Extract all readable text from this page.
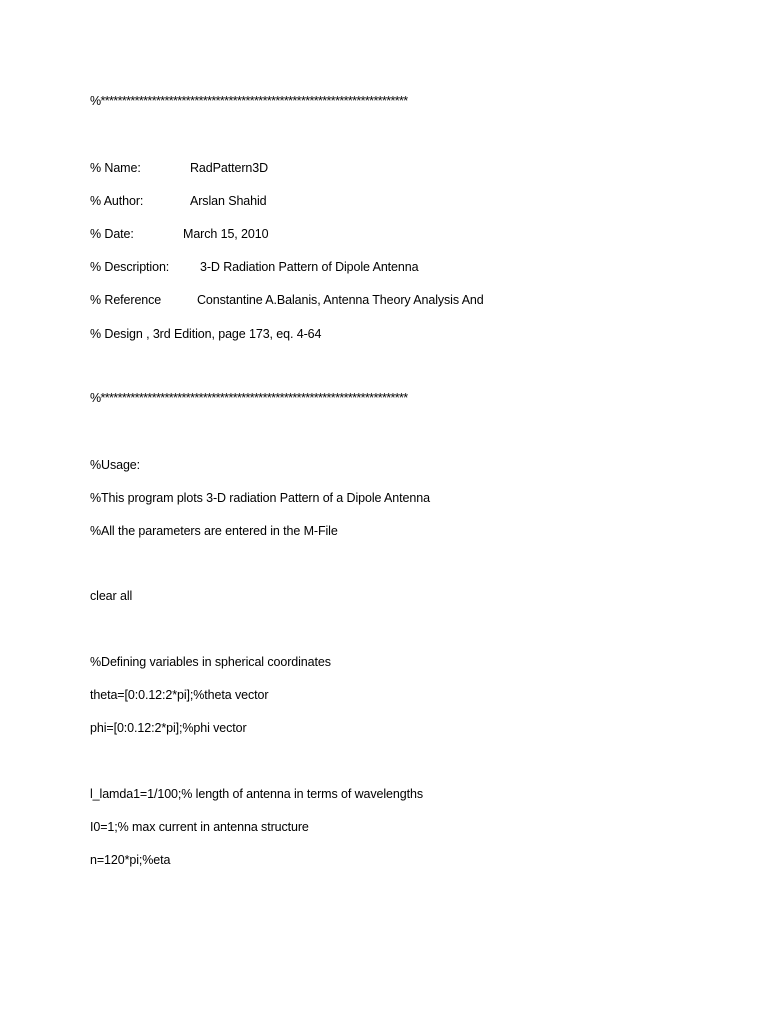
%************************************************************************
% Name:	RadPattern3D
% Author:	Arslan Shahid
% Date:	March 15, 2010
% Description: 3-D Radiation Pattern of Dipole Antenna
% Reference	Constantine A.Balanis, Antenna Theory Analysis And
% Design , 3rd Edition, page 173, eq. 4-64
%************************************************************************
%Usage:
%This program plots 3-D radiation Pattern of a Dipole Antenna
%All the parameters are entered in the M-File
clear all
%Defining variables in spherical coordinates
theta=[0:0.12:2*pi];%theta vector
phi=[0:0.12:2*pi];%phi vector
l_lamda1=1/100;% length of antenna in terms of wavelengths
I0=1;% max current in antenna structure
n=120*pi;%eta
